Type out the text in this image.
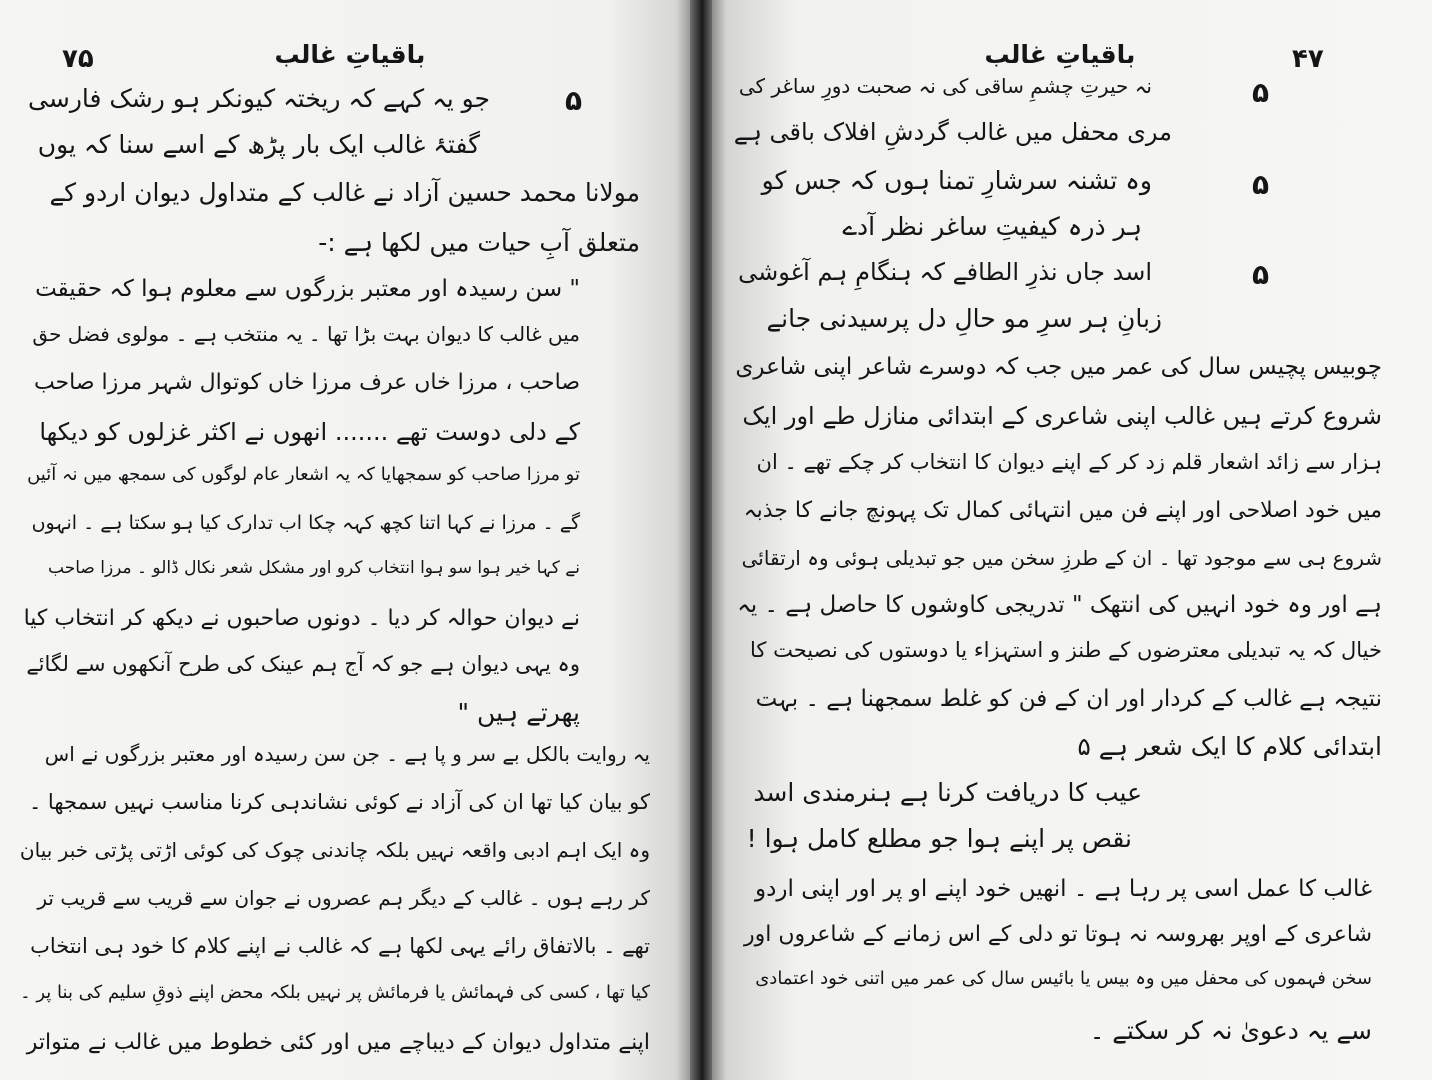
۷۵	باقیاتِ غالب
۵
جو یہ کہے کہ ریختہ کیونکر ہو رشک فارسی
گفتۂ غالب ایک بار پڑھ کے اسے سنا کہ یوں
مولانا محمد حسین آزاد نے غالب کے متداول دیوان اردو کے
متعلق آبِ حیات میں لکھا ہے :-
" سن رسیدہ اور معتبر بزرگوں سے معلوم ہوا کہ حقیقت
میں غالب کا دیوان بہت بڑا تھا ۔ یہ منتخب ہے ۔ مولوی فضل حق
صاحب ، مرزا خاں عرف مرزا خاں کوتوال شہر مرزا صاحب
کے دلی دوست تھے ....... انھوں نے اکثر غزلوں کو دیکھا
تو مرزا صاحب کو سمجھایا کہ یہ اشعار عام لوگوں کی سمجھ میں نہ آئیں
گے ۔ مرزا نے کہا اتنا کچھ کہہ چکا اب تدارک کیا ہو سکتا ہے ۔ انہوں
نے کہا خیر ہوا سو ہوا انتخاب کرو اور مشکل شعر نکال ڈالو ۔ مرزا صاحب
نے دیوان حوالہ کر دیا ۔ دونوں صاحبوں نے دیکھ کر انتخاب کیا
وہ یہی دیوان ہے جو کہ آج ہم عینک کی طرح آنکھوں سے لگائے
پھرتے ہیں "
یہ روایت بالکل بے سر و پا ہے ۔ جن سن رسیدہ اور معتبر بزرگوں نے اس
کو بیان کیا تھا ان کی آزاد نے کوئی نشاندہی کرنا مناسب نہیں سمجھا ۔
وہ ایک اہم ادبی واقعہ نہیں بلکہ چاندنی چوک کی کوئی اڑتی پڑتی خبر بیان
کر رہے ہوں ۔ غالب کے دیگر ہم عصروں نے جوان سے قریب سے قریب تر
تھے ۔ بالاتفاق رائے یہی لکھا ہے کہ غالب نے اپنے کلام کا خود ہی انتخاب
کیا تھا ، کسی کی فہمائش یا فرمائش پر نہیں بلکہ محض اپنے ذوقِ سلیم کی بنا پر ۔
اپنے متداول دیوان کے دیباچے میں اور کئی خطوط میں غالب نے متواتر
۴۷
باقیاتِ غالب
۵
نہ حیرتِ چشمِ ساقی کی نہ صحبت دورِ ساغر کی
مری محفل میں غالب گردشِ افلاک باقی ہے
۵
وہ تشنہ سرشارِ تمنا ہوں کہ جس کو
ہر ذرہ کیفیتِ ساغر نظر آدے
۵
اسد جاں نذرِ الطافے کہ ہنگامِ ہم آغوشی
زبانِ ہر سرِ مو حالِ دل پرسیدنی جانے
چوبیس پچیس سال کی عمر میں جب کہ دوسرے شاعر اپنی شاعری
شروع کرتے ہیں غالب اپنی شاعری کے ابتدائی منازل طے اور ایک
ہزار سے زائد اشعار قلم زد کر کے اپنے دیوان کا انتخاب کر چکے تھے ۔ ان
میں خود اصلاحی اور اپنے فن میں انتہائی کمال تک پہونچ جانے کا جذبہ
شروع ہی سے موجود تھا ۔ ان کے طرزِ سخن میں جو تبدیلی ہوئی وہ ارتقائی
ہے اور وہ خود انہیں کی انتھک " تدریجی کاوشوں کا حاصل ہے ۔ یہ
خیال کہ یہ تبدیلی معترضوں کے طنز و استہزاء یا دوستوں کی نصیحت کا
نتیجہ ہے غالب کے کردار اور ان کے فن کو غلط سمجھنا ہے ۔ بہت
ابتدائی کلام کا ایک شعر ہے ۵
عیب کا دریافت کرنا ہے ہنرمندی اسد
نقص پر اپنے ہوا جو مطلع کامل ہوا !
غالب کا عمل اسی پر رہا ہے ۔ انھیں خود اپنے او پر اور اپنی اردو
شاعری کے اوپر بھروسہ نہ ہوتا تو دلی کے اس زمانے کے شاعروں اور
سخن فہموں کی محفل میں وہ بیس یا بائیس سال کی عمر میں اتنی خود اعتمادی
سے یہ دعویٰ نہ کر سکتے ۔
